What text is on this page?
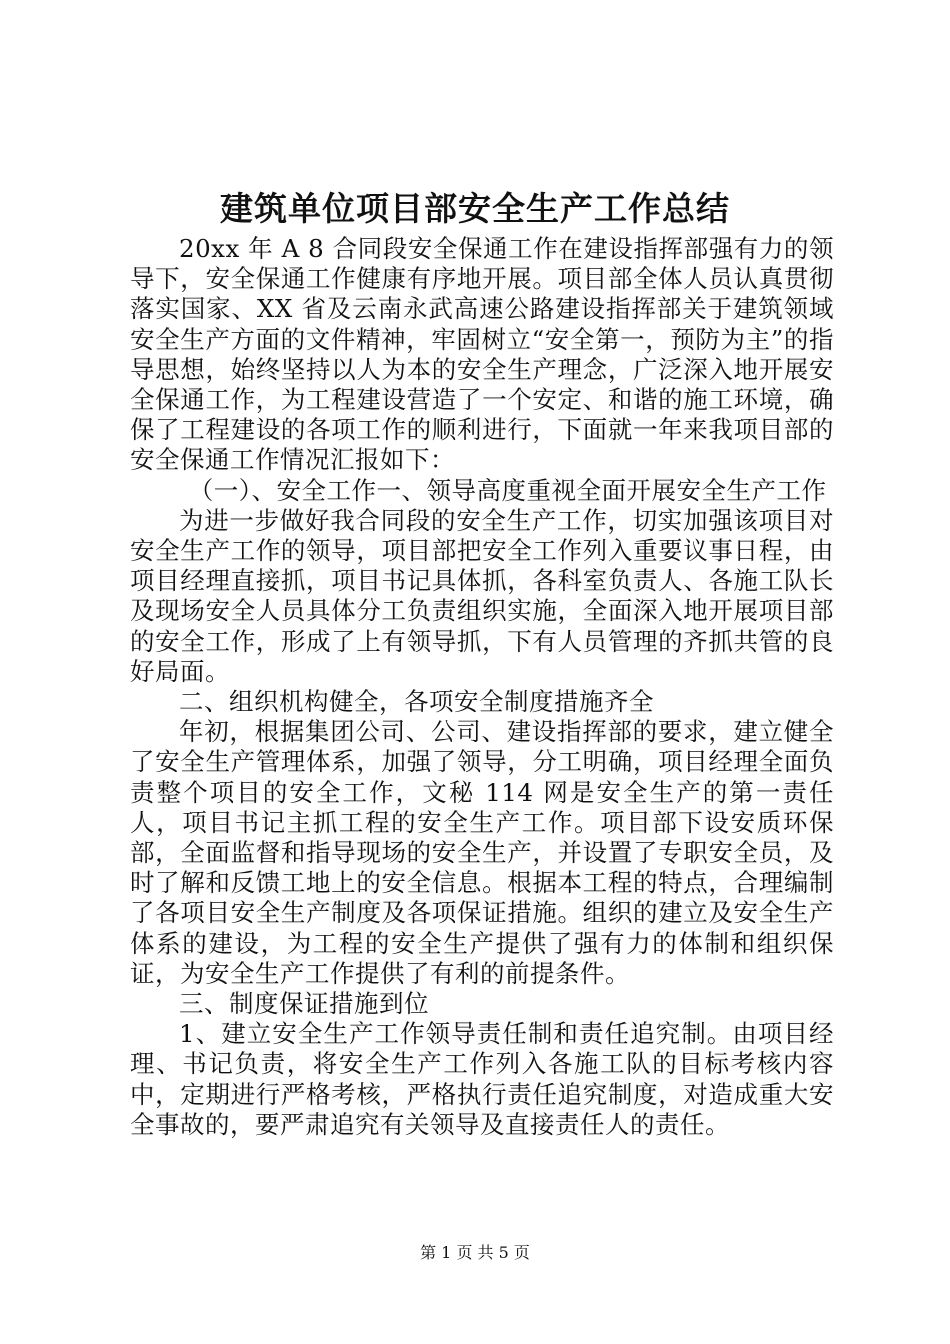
建筑单位项目部安全生产工作总结

20xx 年 A 8 合同段安全保通工作在建设指挥部强有力的领导下，安全保通工作健康有序地开展。项目部全体人员认真贯彻落实国家、XX 省及云南永武高速公路建设指挥部关于建筑领域安全生产方面的文件精神，牢固树立“安全第一，预防为主”的指导思想，始终坚持以人为本的安全生产理念，广泛深入地开展安全保通工作，为工程建设营造了一个安定、和谐的施工环境，确保了工程建设的各项工作的顺利进行，下面就一年来我项目部的安全保通工作情况汇报如下：

（一）、安全工作一、领导高度重视全面开展安全生产工作

为进一步做好我合同段的安全生产工作，切实加强该项目对安全生产工作的领导，项目部把安全工作列入重要议事日程，由项目经理直接抓，项目书记具体抓，各科室负责人、各施工队长及现场安全人员具体分工负责组织实施，全面深入地开展项目部的安全工作，形成了上有领导抓，下有人员管理的齐抓共管的良好局面。

二、组织机构健全，各项安全制度措施齐全

年初，根据集团公司、公司、建设指挥部的要求，建立健全了安全生产管理体系，加强了领导，分工明确，项目经理全面负责整个项目的安全工作，文秘 114 网是安全生产的第一责任人，项目书记主抓工程的安全生产工作。项目部下设安质环保部，全面监督和指导现场的安全生产，并设置了专职安全员，及时了解和反馈工地上的安全信息。根据本工程的特点，合理编制了各项目安全生产制度及各项保证措施。组织的建立及安全生产体系的建设，为工程的安全生产提供了强有力的体制和组织保证，为安全生产工作提供了有利的前提条件。

三、制度保证措施到位

1、建立安全生产工作领导责任制和责任追究制。由项目经理、书记负责，将安全生产工作列入各施工队的目标考核内容中，定期进行严格考核，严格执行责任追究制度，对造成重大安全事故的，要严肃追究有关领导及直接责任人的责任。

第 1 页 共 5 页
